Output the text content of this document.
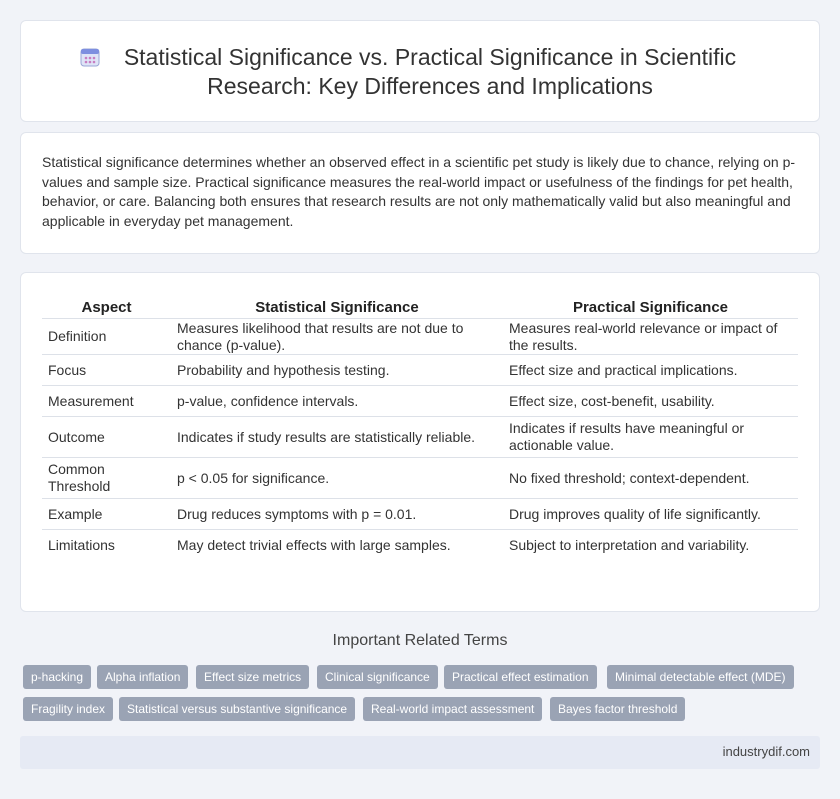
Statistical Significance vs. Practical Significance in Scientific Research: Key Differences and Implications

Statistical significance determines whether an observed effect in a scientific pet study is likely due to chance, relying on p-values and sample size. Practical significance measures the real-world impact or usefulness of the findings for pet health, behavior, or care. Balancing both ensures that research results are not only mathematically valid but also meaningful and applicable in everyday pet management.

Aspect	Statistical Significance	Practical Significance
Definition	Measures likelihood that results are not due to chance (p-value).	Measures real-world relevance or impact of the results.
Focus	Probability and hypothesis testing.	Effect size and practical implications.
Measurement	p-value, confidence intervals.	Effect size, cost-benefit, usability.
Outcome	Indicates if study results are statistically reliable.	Indicates if results have meaningful or actionable value.
Common Threshold	p < 0.05 for significance.	No fixed threshold; context-dependent.
Example	Drug reduces symptoms with p = 0.01.	Drug improves quality of life significantly.
Limitations	May detect trivial effects with large samples.	Subject to interpretation and variability.
Important Related Terms
p-hacking	Alpha inflation	Effect size metrics	Clinical significance	Practical effect estimation	Minimal detectable effect (MDE)
Fragility index	Statistical versus substantive significance	Real-world impact assessment	Bayes factor threshold
industrydif.com
